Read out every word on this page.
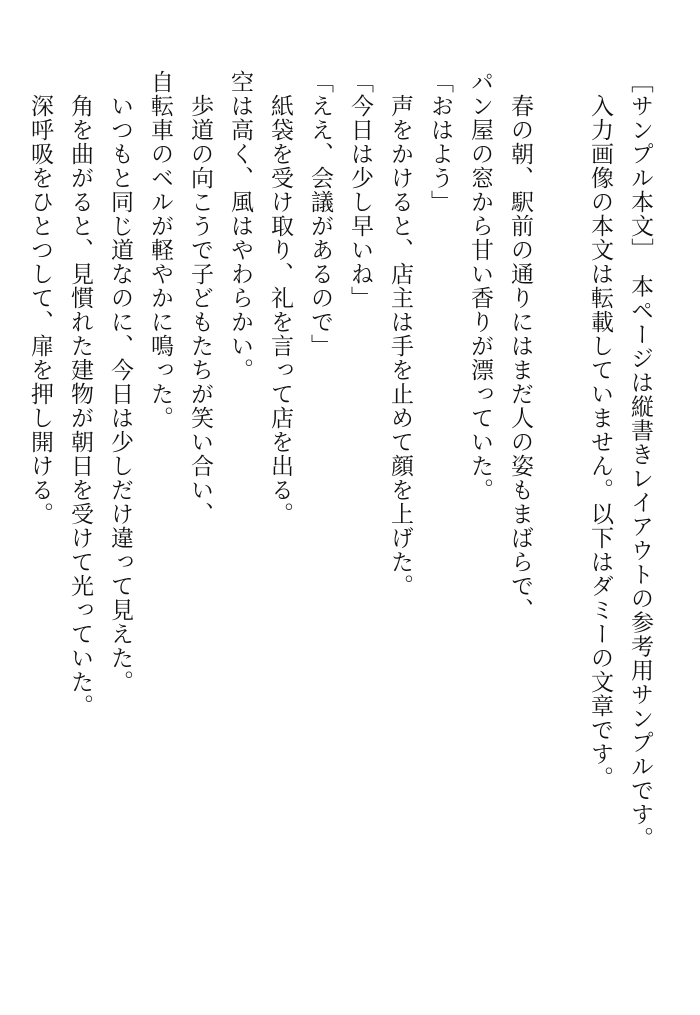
［サンプル本文］　本ページは縦書きレイアウトの参考用サンプルです。
　入力画像の本文は転載していません。以下はダミーの文章です。

　春の朝、駅前の通りにはまだ人の姿もまばらで、
パン屋の窓から甘い香りが漂っていた。
「おはよう」
　声をかけると、店主は手を止めて顔を上げた。
「今日は少し早いね」
「ええ、会議があるので」
　紙袋を受け取り、礼を言って店を出る。
空は高く、風はやわらかい。
　歩道の向こうで子どもたちが笑い合い、
自転車のベルが軽やかに鳴った。
　いつもと同じ道なのに、今日は少しだけ違って見えた。
　角を曲がると、見慣れた建物が朝日を受けて光っていた。
　深呼吸をひとつして、扉を押し開ける。
